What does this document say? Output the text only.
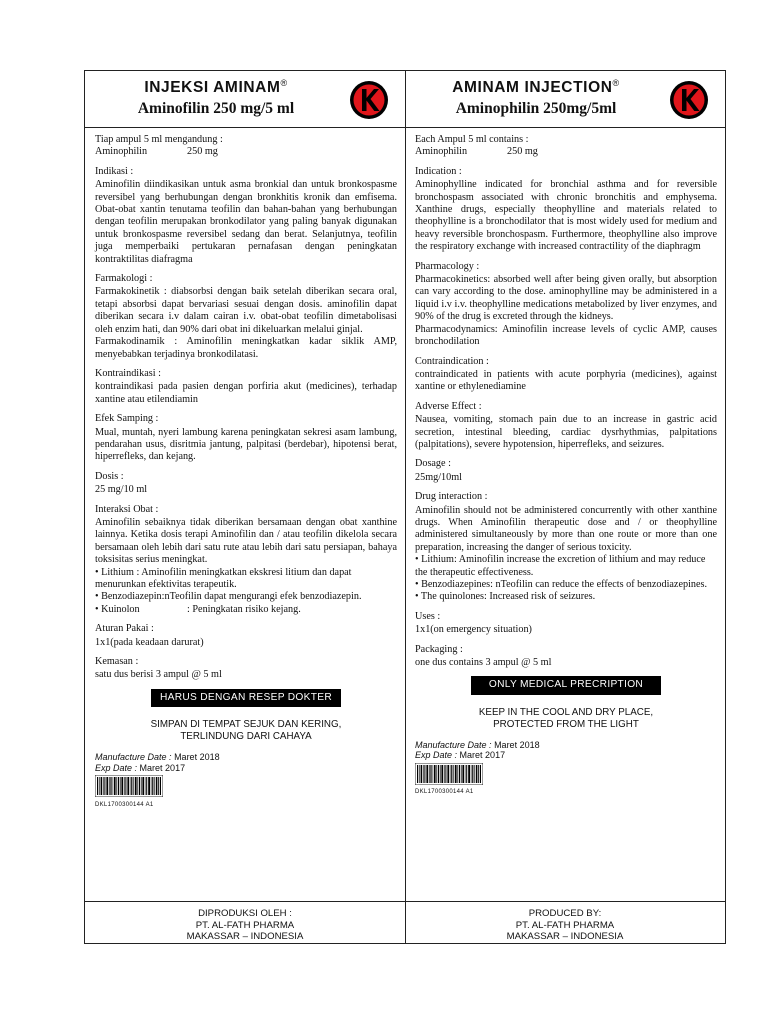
INJEKSI AMINAM®
Aminofilin 250 mg/5 ml

Tiap ampul 5 ml mengandung :

Aminophilin	250 mg

Indikasi :

Aminofilin diindikasikan untuk asma bronkial dan untuk bronkospasme reversibel yang berhubungan dengan bronkhitis kronik dan emfisema. Obat-obat xantin tenutama teofilin dan bahan-bahan yang berhubungan dengan teofilin merupakan bronkodilator yang paling banyak digunakan untuk bronkospasme reversibel sedang dan berat. Selanjutnya, teofilin juga memperbaiki pertukaran pernafasan dengan peningkatan kontraktilitas diafragma

Farmakologi :

Farmakokinetik : diabsorbsi dengan baik setelah diberikan secara oral, tetapi absorbsi dapat bervariasi sesuai dengan dosis. aminofilin dapat diberikan secara i.v dalam cairan i.v. obat-obat teofilin dimetabolisasi oleh enzim hati, dan 90% dari obat ini dikeluarkan melalui ginjal.

Farmakodinamik : Aminofilin meningkatkan kadar siklik AMP, menyebabkan terjadinya bronkodilatasi.

Kontraindikasi :

kontraindikasi pada pasien dengan porfiria akut (medicines), terhadap xantine atau etilendiamin

Efek Samping :

Mual, muntah, nyeri lambung karena peningkatan sekresi asam lambung, pendarahan usus, disritmia jantung, palpitasi (berdebar), hipotensi berat, hiperrefleks, dan kejang.

Dosis :

25 mg/10 ml

Interaksi Obat :

Aminofilin sebaiknya tidak diberikan bersamaan dengan obat xanthine lainnya. Ketika dosis terapi Aminofilin dan / atau teofilin dikelola secara bersamaan oleh lebih dari satu rute atau lebih dari satu persiapan, bahaya toksisitas serius meningkat.

• Lithium : Aminofilin meningkatkan ekskresi litium dan dapat menurunkan efektivitas terapeutik.

• Benzodiazepin:nTeofilin dapat mengurangi efek benzodiazepin.

• Kuinolon	: Peningkatan risiko kejang.

Aturan Pakai :

1x1(pada keadaan darurat)

Kemasan :

satu dus berisi 3 ampul @ 5 ml

HARUS DENGAN RESEP DOKTER
SIMPAN DI TEMPAT SEJUK DAN KERING,
TERLINDUNG DARI CAHAYA
Manufacture Date : Maret 2018
Exp Date : Maret 2017
DKL1700300144 A1
DIPRODUKSI OLEH :
PT. AL-FATH PHARMA
MAKASSAR – INDONESIA
AMINAM INJECTION®
Aminophilin 250mg/5ml

Each Ampul 5 ml contains :

Aminophilin	250 mg

Indication :

Aminophylline indicated for bronchial asthma and for reversible bronchospasm associated with chronic bronchitis and emphysema. Xanthine drugs, especially theophylline and materials related to theophylline is a bronchodilator that is most widely used for medium and heavy reversible bronchospasm. Furthermore, theophylline also improve the respiratory exchange with increased contractility of the diaphragm

Pharmacology :

Pharmacokinetics: absorbed well after being given orally, but absorption can vary according to the dose. aminophylline may be administered in a liquid i.v i.v. theophylline medications metabolized by liver enzymes, and 90% of the drug is excreted through the kidneys.

Pharmacodynamics: Aminofilin increase levels of cyclic AMP, causes bronchodilation

Contraindication :

contraindicated in patients with acute porphyria (medicines), against xantine or ethylenediamine

Adverse Effect :

Nausea, vomiting, stomach pain due to an increase in gastric acid secretion, intestinal bleeding, cardiac dysrhythmias, palpitations (palpitations), severe hypotension, hiperrefleks, and seizures.

Dosage :

25mg/10ml

Drug interaction :

Aminofilin should not be administered concurrently with other xanthine drugs. When Aminofilin therapeutic dose and / or theophylline administered simultaneously by more than one route or more than one preparation, increasing the danger of serious toxicity.

• Lithium: Aminofilin increase the excretion of lithium and may reduce the therapeutic effectiveness.

• Benzodiazepines: nTeofilin can reduce the effects of benzodiazepines.

• The quinolones: Increased risk of seizures.

Uses :

1x1(on emergency situation)

Packaging :

one dus contains 3 ampul @ 5 ml

ONLY MEDICAL PRECRIPTION
KEEP IN THE COOL AND DRY PLACE,
PROTECTED FROM THE LIGHT
Manufacture Date : Maret 2018
Exp Date : Maret 2017
DKL1700300144 A1
PRODUCED BY:
PT. AL-FATH PHARMA
MAKASSAR – INDONESIA
